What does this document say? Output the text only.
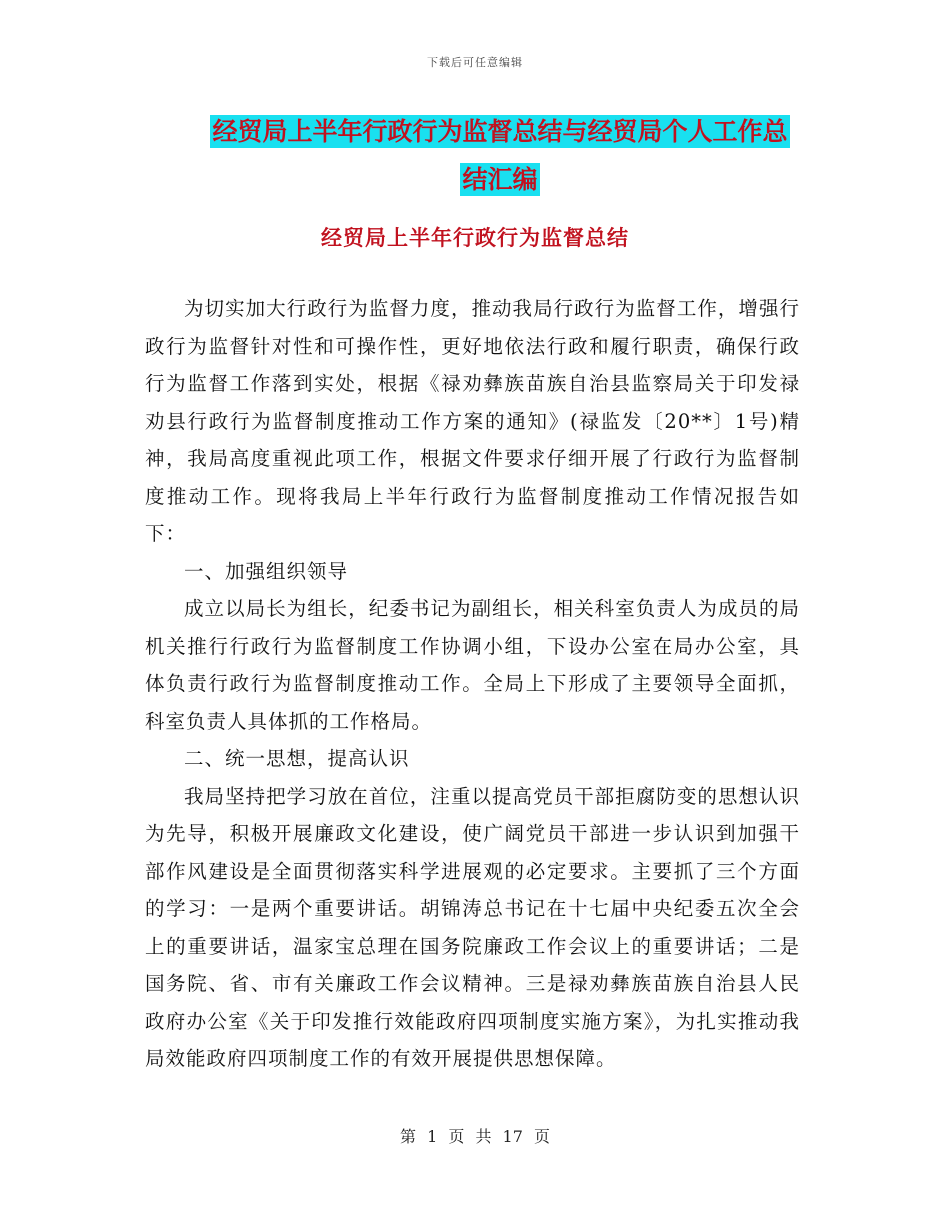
下载后可任意编辑
经贸局上半年行政行为监督总结与经贸局个人工作总
结汇编
经贸局上半年行政行为监督总结

为切实加大行政行为监督力度，推动我局行政行为监督工作，增强行政行为监督针对性和可操作性，更好地依法行政和履行职责，确保行政行为监督工作落到实处，根据《禄劝彝族苗族自治县监察局关于印发禄劝县行政行为监督制度推动工作方案的通知》(禄监发〔20**〕1号)精神，我局高度重视此项工作，根据文件要求仔细开展了行政行为监督制度推动工作。现将我局上半年行政行为监督制度推动工作情况报告如下：

一、加强组织领导

成立以局长为组长，纪委书记为副组长，相关科室负责人为成员的局机关推行行政行为监督制度工作协调小组，下设办公室在局办公室，具体负责行政行为监督制度推动工作。全局上下形成了主要领导全面抓，科室负责人具体抓的工作格局。

二、统一思想，提高认识

我局坚持把学习放在首位，注重以提高党员干部拒腐防变的思想认识为先导，积极开展廉政文化建设，使广阔党员干部进一步认识到加强干部作风建设是全面贯彻落实科学进展观的必定要求。主要抓了三个方面的学习：一是两个重要讲话。胡锦涛总书记在十七届中央纪委五次全会上的重要讲话，温家宝总理在国务院廉政工作会议上的重要讲话；二是国务院、省、市有关廉政工作会议精神。三是禄劝彝族苗族自治县人民政府办公室《关于印发推行效能政府四项制度实施方案》，为扎实推动我局效能政府四项制度工作的有效开展提供思想保障。

第 1 页 共 17 页
